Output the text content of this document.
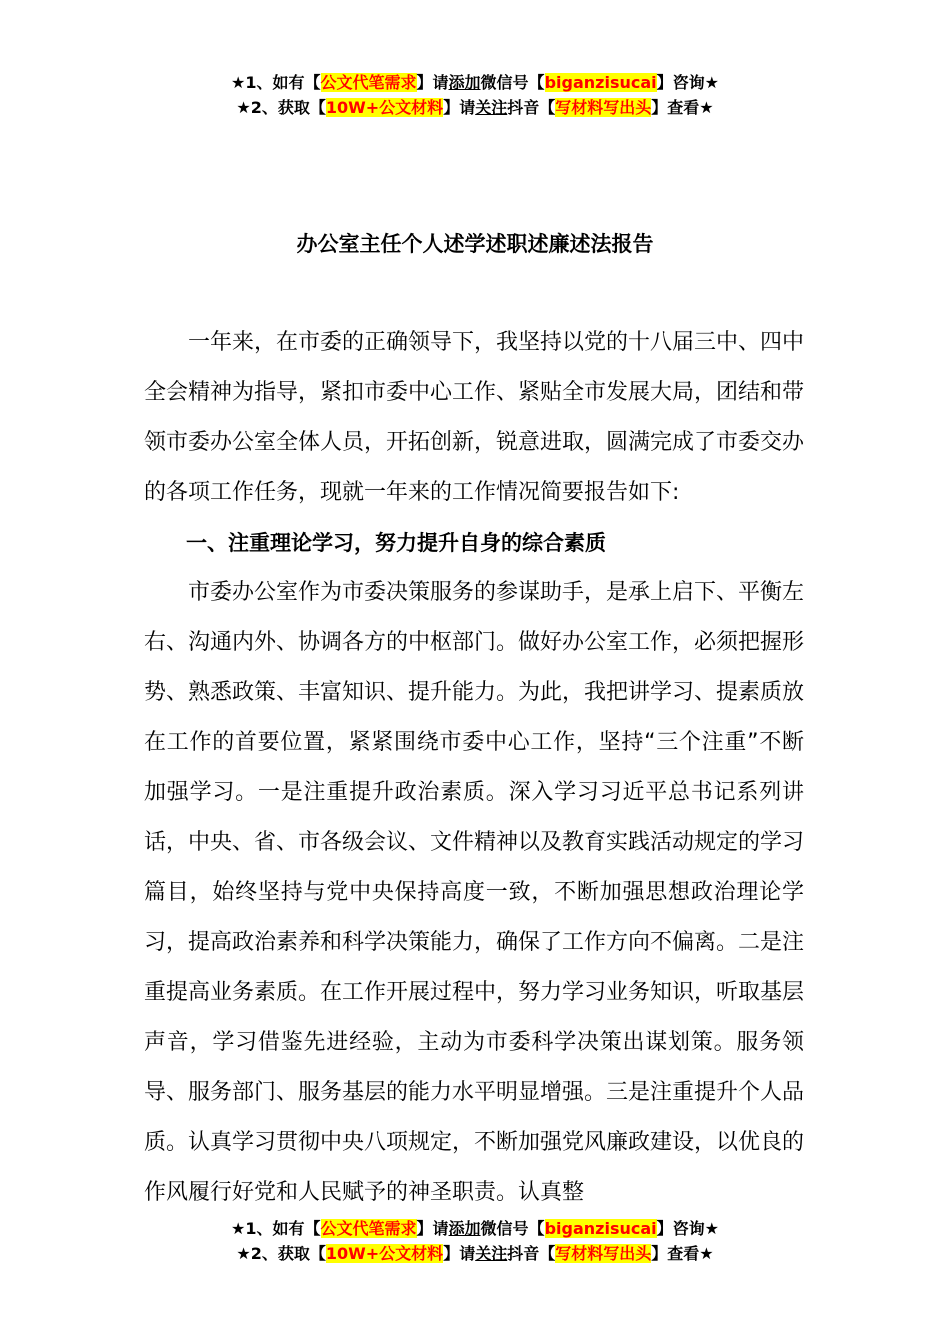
★1、如有【公文代笔需求】请添加微信号【biganzisucai】咨询★
★2、获取【10W+公文材料】请关注抖音【写材料写出头】查看★
办公室主任个人述学述职述廉述法报告

一年来，在市委的正确领导下，我坚持以党的十八届三中、四中全会精神为指导，紧扣市委中心工作、紧贴全市发展大局，团结和带领市委办公室全体人员，开拓创新，锐意进取，圆满完成了市委交办的各项工作任务，现就一年来的工作情况简要报告如下:

一、注重理论学习，努力提升自身的综合素质

市委办公室作为市委决策服务的参谋助手，是承上启下、平衡左右、沟通内外、协调各方的中枢部门。做好办公室工作，必须把握形势、熟悉政策、丰富知识、提升能力。为此，我把讲学习、提素质放在工作的首要位置，紧紧围绕市委中心工作，坚持“三个注重”不断加强学习。一是注重提升政治素质。深入学习习近平总书记系列讲话，中央、省、市各级会议、文件精神以及教育实践活动规定的学习篇目，始终坚持与党中央保持高度一致，不断加强思想政治理论学习，提高政治素养和科学决策能力，确保了工作方向不偏离。二是注重提高业务素质。在工作开展过程中，努力学习业务知识，听取基层声音，学习借鉴先进经验，主动为市委科学决策出谋划策。服务领导、服务部门、服务基层的能力水平明显增强。三是注重提升个人品质。认真学习贯彻中央八项规定，不断加强党风廉政建设，以优良的作风履行好党和人民赋予的神圣职责。认真整

★1、如有【公文代笔需求】请添加微信号【biganzisucai】咨询★
★2、获取【10W+公文材料】请关注抖音【写材料写出头】查看★
